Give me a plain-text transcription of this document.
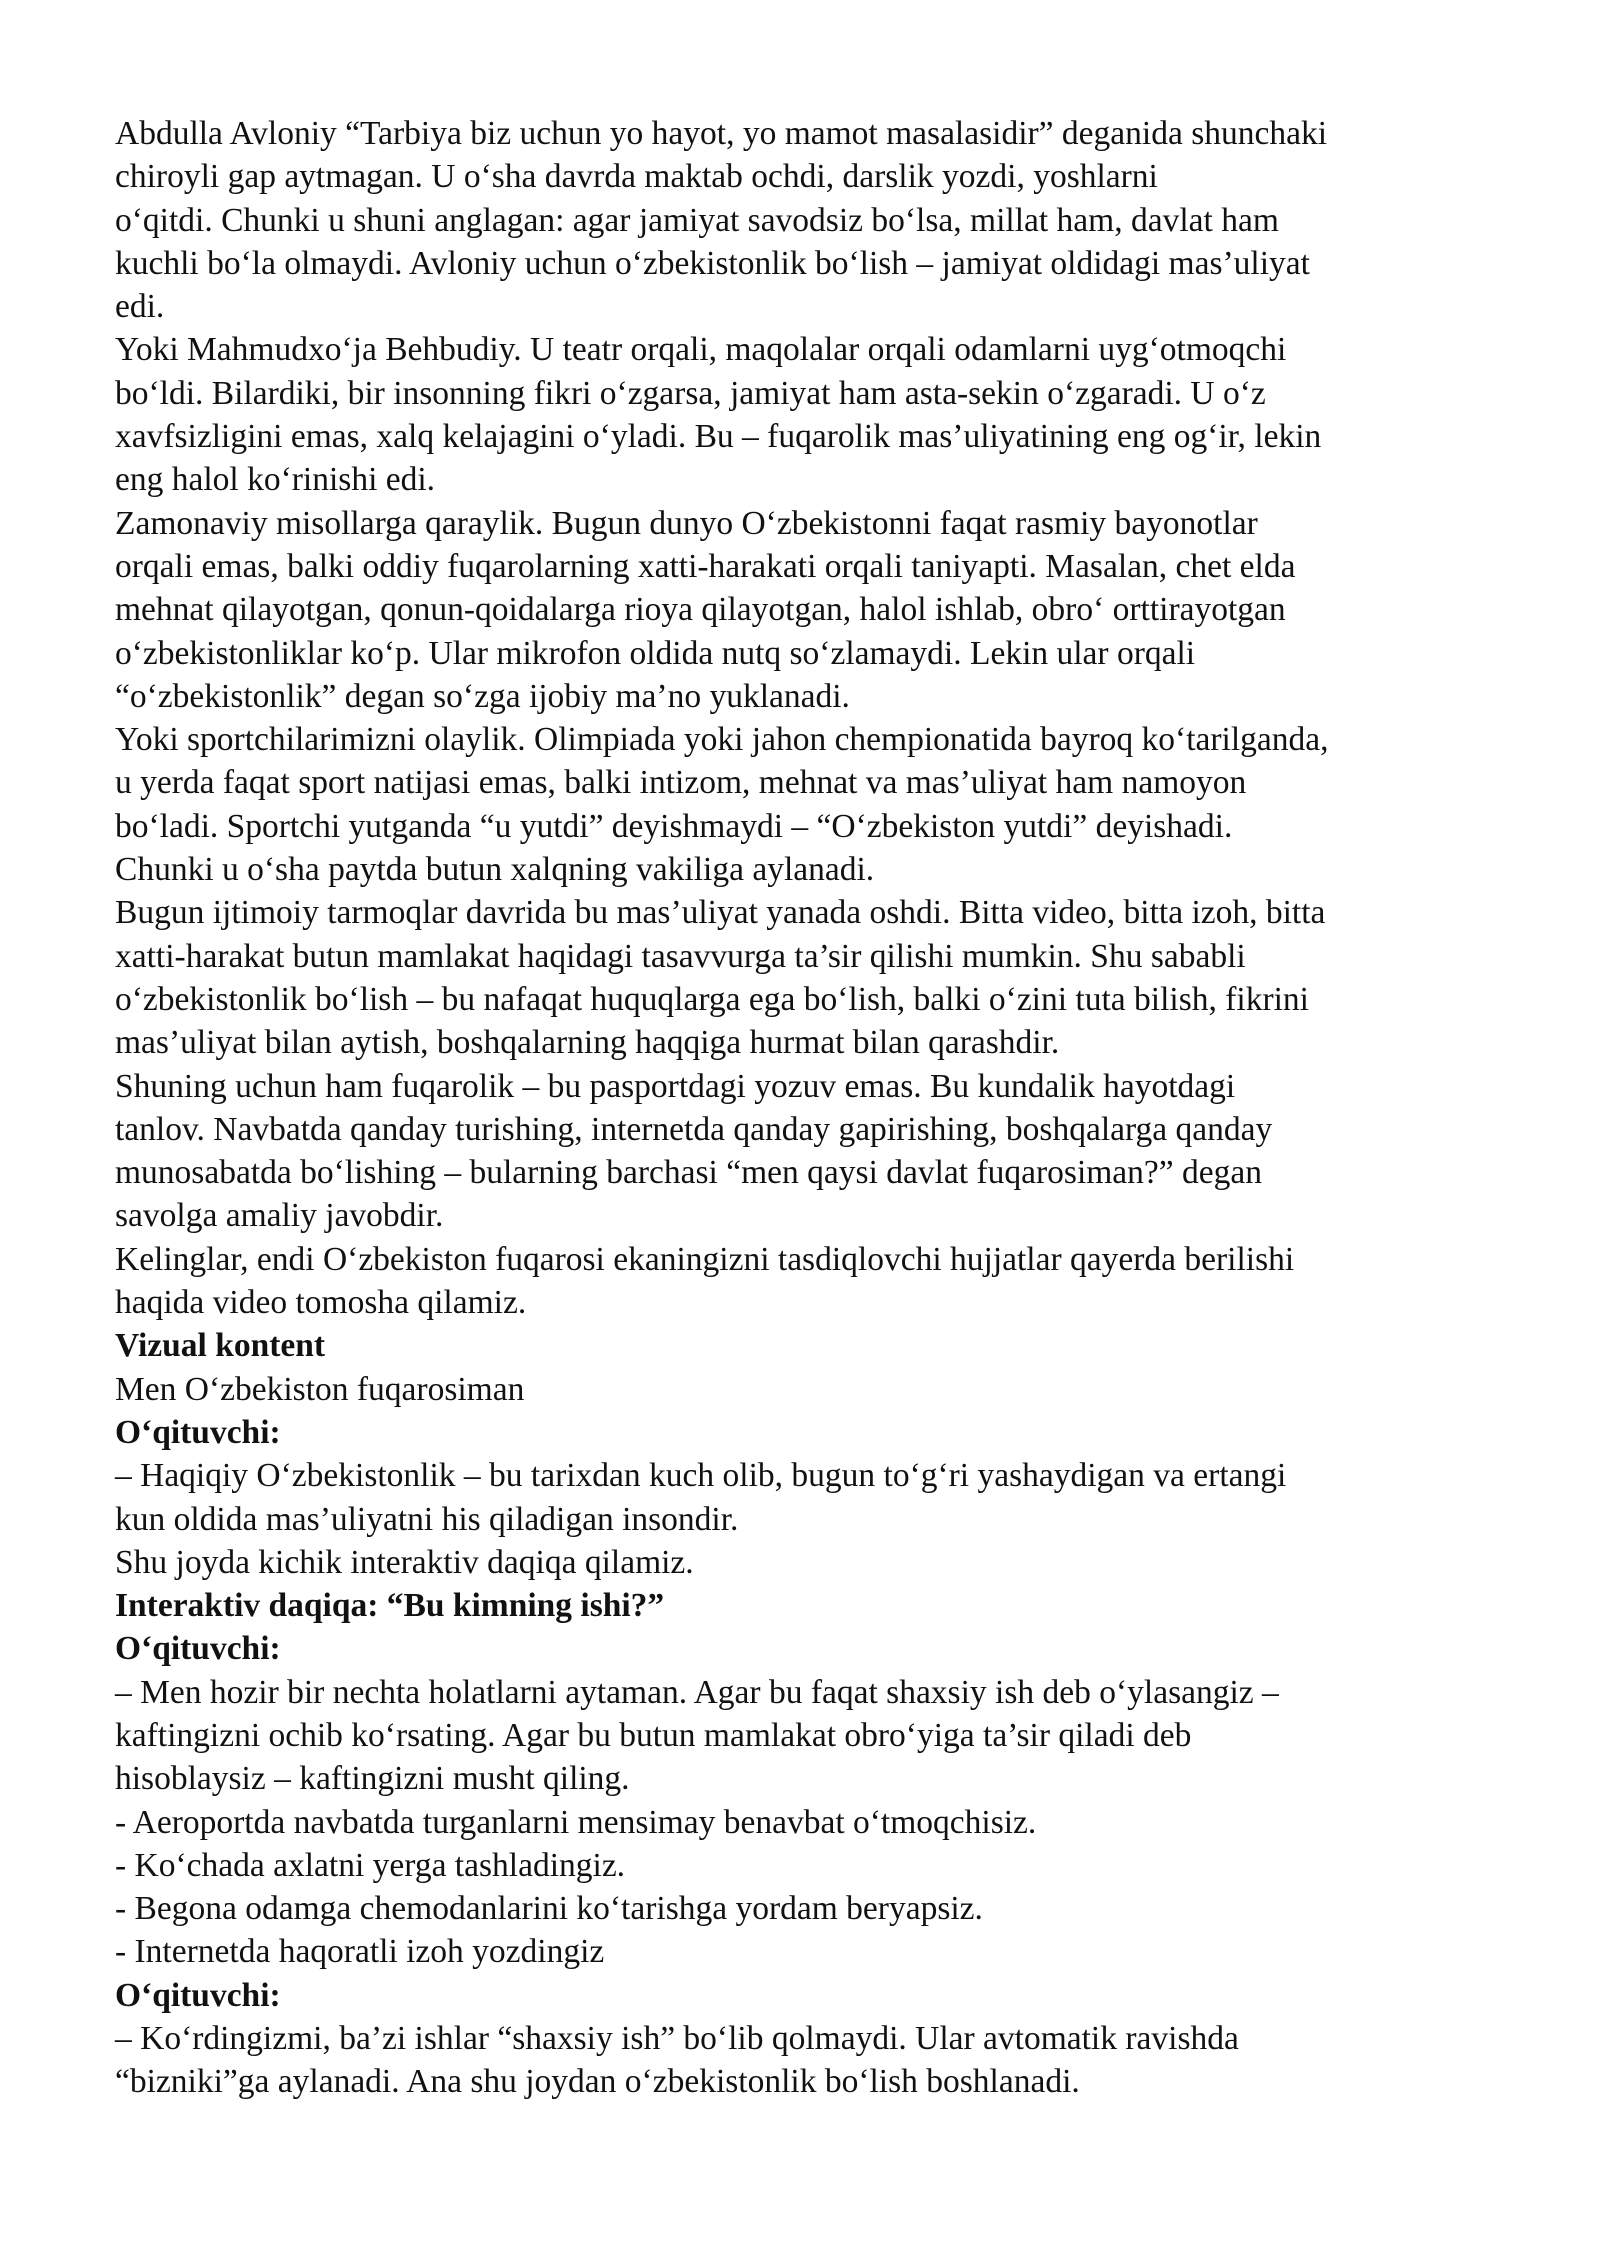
Abdulla Avloniy “Tarbiya biz uchun yo hayot, yo mamot masalasidir” deganida shunchaki
chiroyli gap aytmagan. U o‘sha davrda maktab ochdi, darslik yozdi, yoshlarni
o‘qitdi. Chunki u shuni anglagan: agar jamiyat savodsiz bo‘lsa, millat ham, davlat ham
kuchli bo‘la olmaydi. Avloniy uchun o‘zbekistonlik bo‘lish – jamiyat oldidagi mas’uliyat
edi.
Yoki Mahmudxo‘ja Behbudiy. U teatr orqali, maqolalar orqali odamlarni uyg‘otmoqchi
bo‘ldi. Bilardiki, bir insonning fikri o‘zgarsa, jamiyat ham asta-sekin o‘zgaradi. U o‘z
xavfsizligini emas, xalq kelajagini o‘yladi. Bu – fuqarolik mas’uliyatining eng og‘ir, lekin
eng halol ko‘rinishi edi.
Zamonaviy misollarga qaraylik. Bugun dunyo O‘zbekistonni faqat rasmiy bayonotlar
orqali emas, balki oddiy fuqarolarning xatti-harakati orqali taniyapti. Masalan, chet elda
mehnat qilayotgan, qonun-qoidalarga rioya qilayotgan, halol ishlab, obro‘ orttirayotgan
o‘zbekistonliklar ko‘p. Ular mikrofon oldida nutq so‘zlamaydi. Lekin ular orqali
“o‘zbekistonlik” degan so‘zga ijobiy ma’no yuklanadi.
Yoki sportchilarimizni olaylik. Olimpiada yoki jahon chempionatida bayroq ko‘tarilganda,
u yerda faqat sport natijasi emas, balki intizom, mehnat va mas’uliyat ham namoyon
bo‘ladi. Sportchi yutganda “u yutdi” deyishmaydi – “O‘zbekiston yutdi” deyishadi.
Chunki u o‘sha paytda butun xalqning vakiliga aylanadi.
Bugun ijtimoiy tarmoqlar davrida bu mas’uliyat yanada oshdi. Bitta video, bitta izoh, bitta
xatti-harakat butun mamlakat haqidagi tasavvurga ta’sir qilishi mumkin. Shu sababli
o‘zbekistonlik bo‘lish – bu nafaqat huquqlarga ega bo‘lish, balki o‘zini tuta bilish, fikrini
mas’uliyat bilan aytish, boshqalarning haqqiga hurmat bilan qarashdir.
Shuning uchun ham fuqarolik – bu pasportdagi yozuv emas. Bu kundalik hayotdagi
tanlov. Navbatda qanday turishing, internetda qanday gapirishing, boshqalarga qanday
munosabatda bo‘lishing – bularning barchasi “men qaysi davlat fuqarosiman?” degan
savolga amaliy javobdir.
Kelinglar, endi O‘zbekiston fuqarosi ekaningizni tasdiqlovchi hujjatlar qayerda berilishi
haqida video tomosha qilamiz.
Vizual kontent
Men O‘zbekiston fuqarosiman
O‘qituvchi:
– Haqiqiy O‘zbekistonlik – bu tarixdan kuch olib, bugun to‘g‘ri yashaydigan va ertangi
kun oldida mas’uliyatni his qiladigan insondir.
Shu joyda kichik interaktiv daqiqa qilamiz.
Interaktiv daqiqa: “Bu kimning ishi?”
O‘qituvchi:
– Men hozir bir nechta holatlarni aytaman. Agar bu faqat shaxsiy ish deb o‘ylasangiz –
kaftingizni ochib ko‘rsating. Agar bu butun mamlakat obro‘yiga ta’sir qiladi deb
hisoblaysiz – kaftingizni musht qiling.
- Aeroportda navbatda turganlarni mensimay benavbat o‘tmoqchisiz.
- Ko‘chada axlatni yerga tashladingiz.
- Begona odamga chemodanlarini ko‘tarishga yordam beryapsiz.
- Internetda haqoratli izoh yozdingiz
O‘qituvchi:
– Ko‘rdingizmi, ba’zi ishlar “shaxsiy ish” bo‘lib qolmaydi. Ular avtomatik ravishda
“bizniki”ga aylanadi. Ana shu joydan o‘zbekistonlik bo‘lish boshlanadi.
